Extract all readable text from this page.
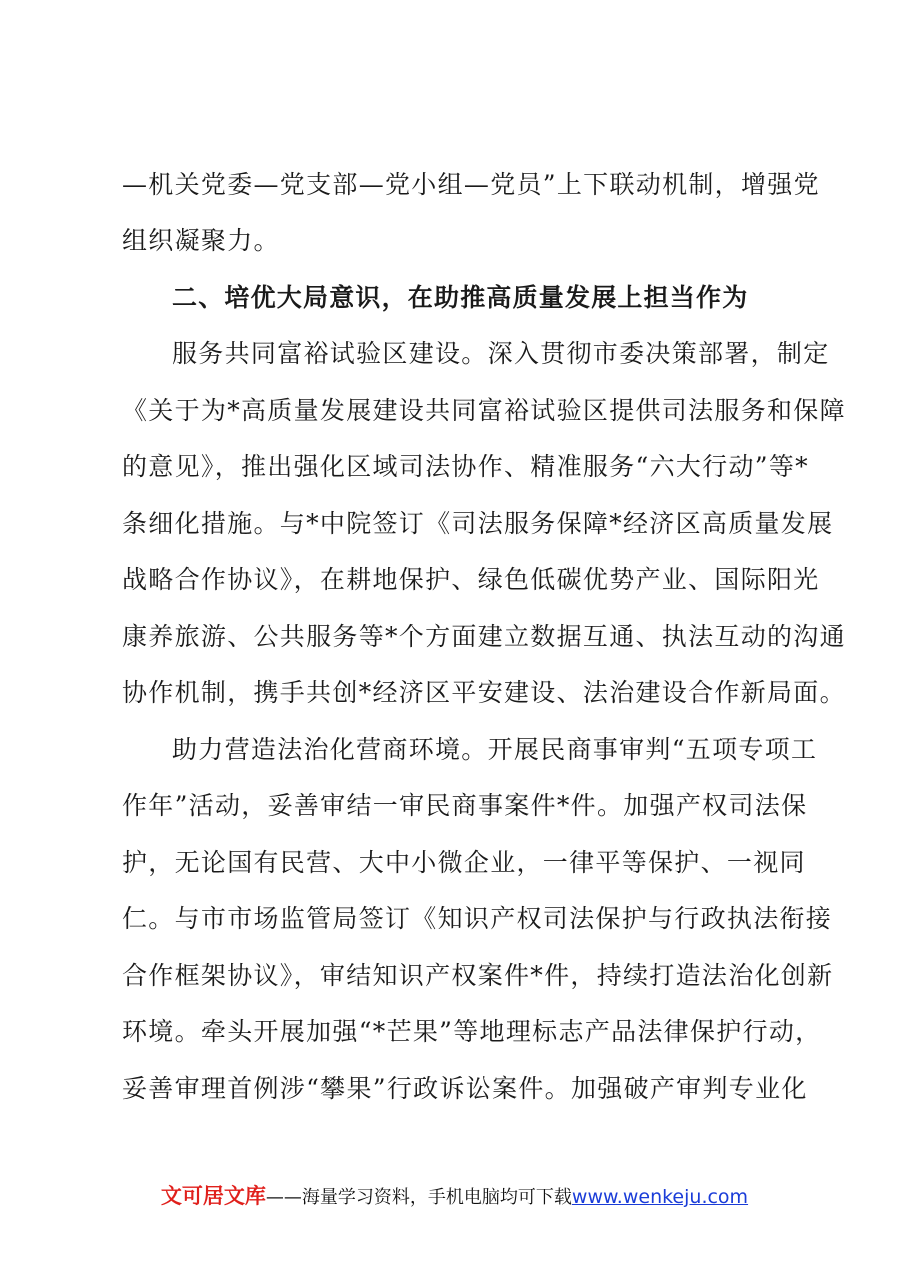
—机关党委—党支部—党小组—党员”上下联动机制，增强党
组织凝聚力。
二、培优大局意识，在助推高质量发展上担当作为
服务共同富裕试验区建设。深入贯彻市委决策部署，制定
《关于为*高质量发展建设共同富裕试验区提供司法服务和保障
的意见》，推出强化区域司法协作、精准服务“六大行动”等*
条细化措施。与*中院签订《司法服务保障*经济区高质量发展
战略合作协议》，在耕地保护、绿色低碳优势产业、国际阳光
康养旅游、公共服务等*个方面建立数据互通、执法互动的沟通
协作机制，携手共创*经济区平安建设、法治建设合作新局面。
助力营造法治化营商环境。开展民商事审判“五项专项工
作年”活动，妥善审结一审民商事案件*件。加强产权司法保
护，无论国有民营、大中小微企业，一律平等保护、一视同
仁。与市市场监管局签订《知识产权司法保护与行政执法衔接
合作框架协议》，审结知识产权案件*件，持续打造法治化创新
环境。牵头开展加强“*芒果”等地理标志产品法律保护行动，
妥善审理首例涉“攀果”行政诉讼案件。加强破产审判专业化
文可居文库——海量学习资料，手机电脑均可下载www.wenkeju.com
